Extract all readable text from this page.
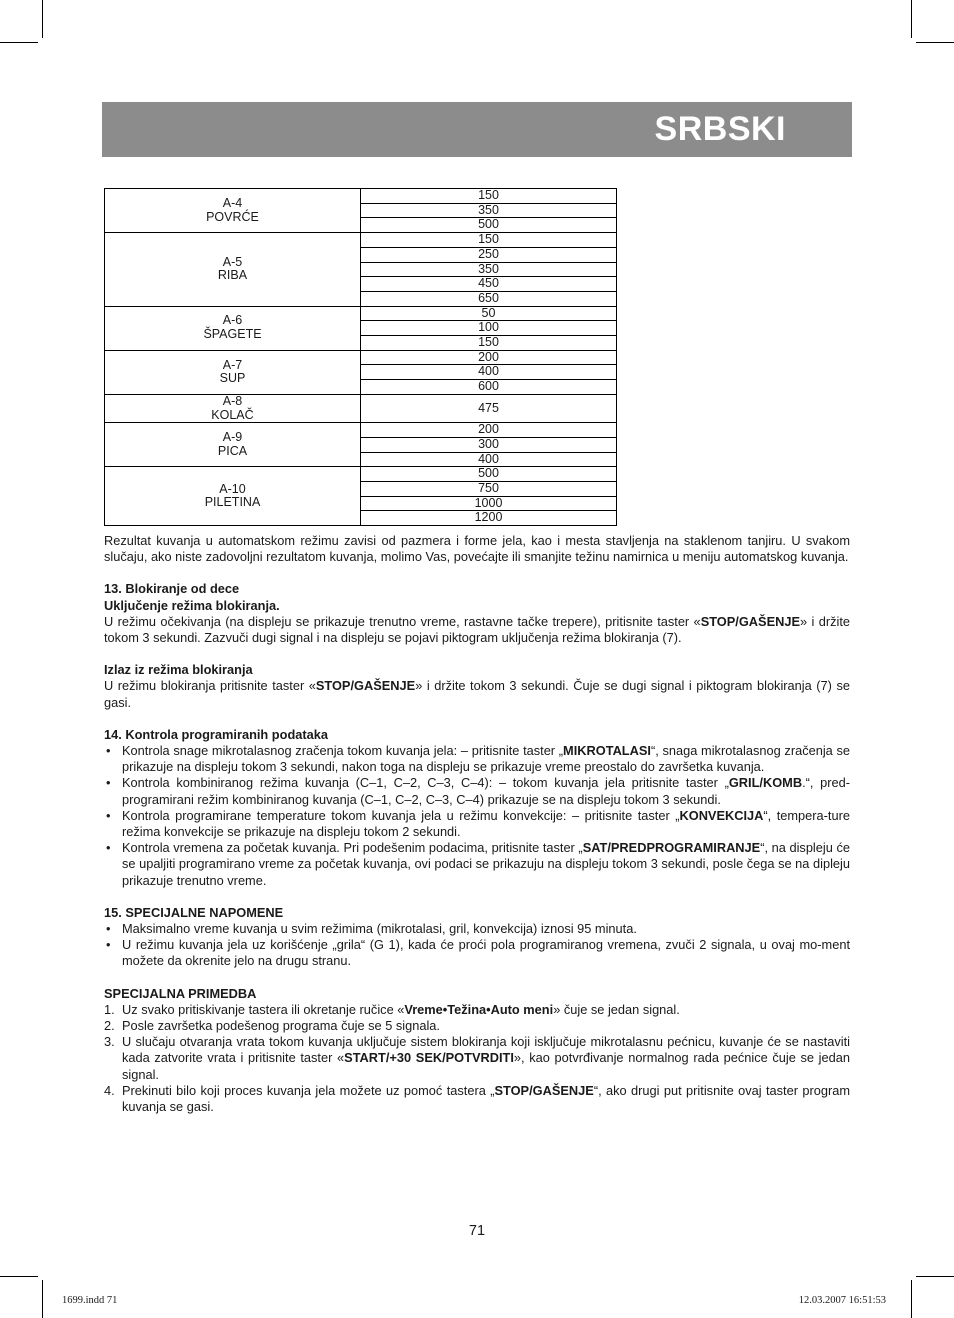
SRBSKI
A-4
POVRĆE	150
	350
	500

A-5
RIBA	150
	250
	350
	450
	650

A-6
ŠPAGETE	50
	100
	150

A-7
SUP	200
	400
	600

A-8
KOLAČ	475

A-9
PICA	200
	300
	400

A-10
PILETINA	500
	750
	1000
	1200

Rezultat kuvanja u automatskom režimu zavisi od pazmera i forme jela, kao i mesta stavljenja na staklenom tanjiru. U svakom slučaju, ako niste zadovoljni rezultatom kuvanja, molimo Vas, povećajte ili smanjite težinu namirnica u meniju automatskog kuvanja.

13. Blokiranje od dece

Uključenje režima blokiranja.

U režimu očekivanja (na displeju se prikazuje trenutno vreme, rastavne tačke trepere), pritisnite taster «STOP/GAŠENJE» i držite tokom 3 sekundi. Zazvuči dugi signal i na displeju se pojavi piktogram uključenja režima blokiranja (7).

Izlaz iz režima blokiranja

U režimu blokiranja pritisnite taster «STOP/GAŠENJE» i držite tokom 3 sekundi. Čuje se dugi signal i piktogram blokiranja (7) se gasi.

14. Kontrola programiranih podataka

• Kontrola snage mikrotalasnog zračenja tokom kuvanja jela: – pritisnite taster „MIKROTALASI“, snaga mikrotalasnog zračenja se prikazuje na displeju tokom 3 sekundi, nakon toga na displeju se prikazuje vreme preostalo do završetka kuvanja.
• Kontrola kombiniranog režima kuvanja (C–1, C–2, C–3, C–4): – tokom kuvanja jela pritisnite taster „GRIL/KOMB.“, pred-programirani režim kombiniranog kuvanja (C–1, C–2, C–3, C–4) prikazuje se na displeju tokom 3 sekundi.
• Kontrola programirane temperature tokom kuvanja jela u režimu konvekcije: – pritisnite taster „KONVEKCIJA“, tempera-ture režima konvekcije se prikazuje na displeju tokom 2 sekundi.
• Kontrola vremena za početak kuvanja. Pri podešenim podacima, pritisnite taster „SAT/PREDPROGRAMIRANJE“, na displeju će se upaljiti programirano vreme za početak kuvanja, ovi podaci se prikazuju na displeju tokom 3 sekundi, posle čega se na dipleju prikazuje trenutno vreme.

15. SPECIJALNE NAPOMENE

• Maksimalno vreme kuvanja u svim režimima (mikrotalasi, gril, konvekcija) iznosi 95 minuta.
• U režimu kuvanja jela uz korišćenje „grila“ (G 1), kada će proći pola programiranog vremena, zvuči 2 signala, u ovaj mo-ment možete da okrenite jelo na drugu stranu.

SPECIJALNA PRIMEDBA

1. Uz svako pritiskivanje tastera ili okretanje ručice «Vreme•Težina•Auto meni» čuje se jedan signal.
2. Posle završetka podešenog programa čuje se 5 signala.
3. U slučaju otvaranja vrata tokom kuvanja uključuje sistem blokiranja koji isključuje mikrotalasnu pećnicu, kuvanje će se nastaviti kada zatvorite vrata i pritisnite taster «START/+30 SEK/POTVRDITI», kao potvrđivanje normalnog rada pećnice čuje se jedan signal.
4. Prekinuti bilo koji proces kuvanja jela možete uz pomoć tastera „STOP/GAŠENJE“, ako drugi put pritisnite ovaj taster program kuvanja se gasi.
71
1699.indd 71	12.03.2007 16:51:53
